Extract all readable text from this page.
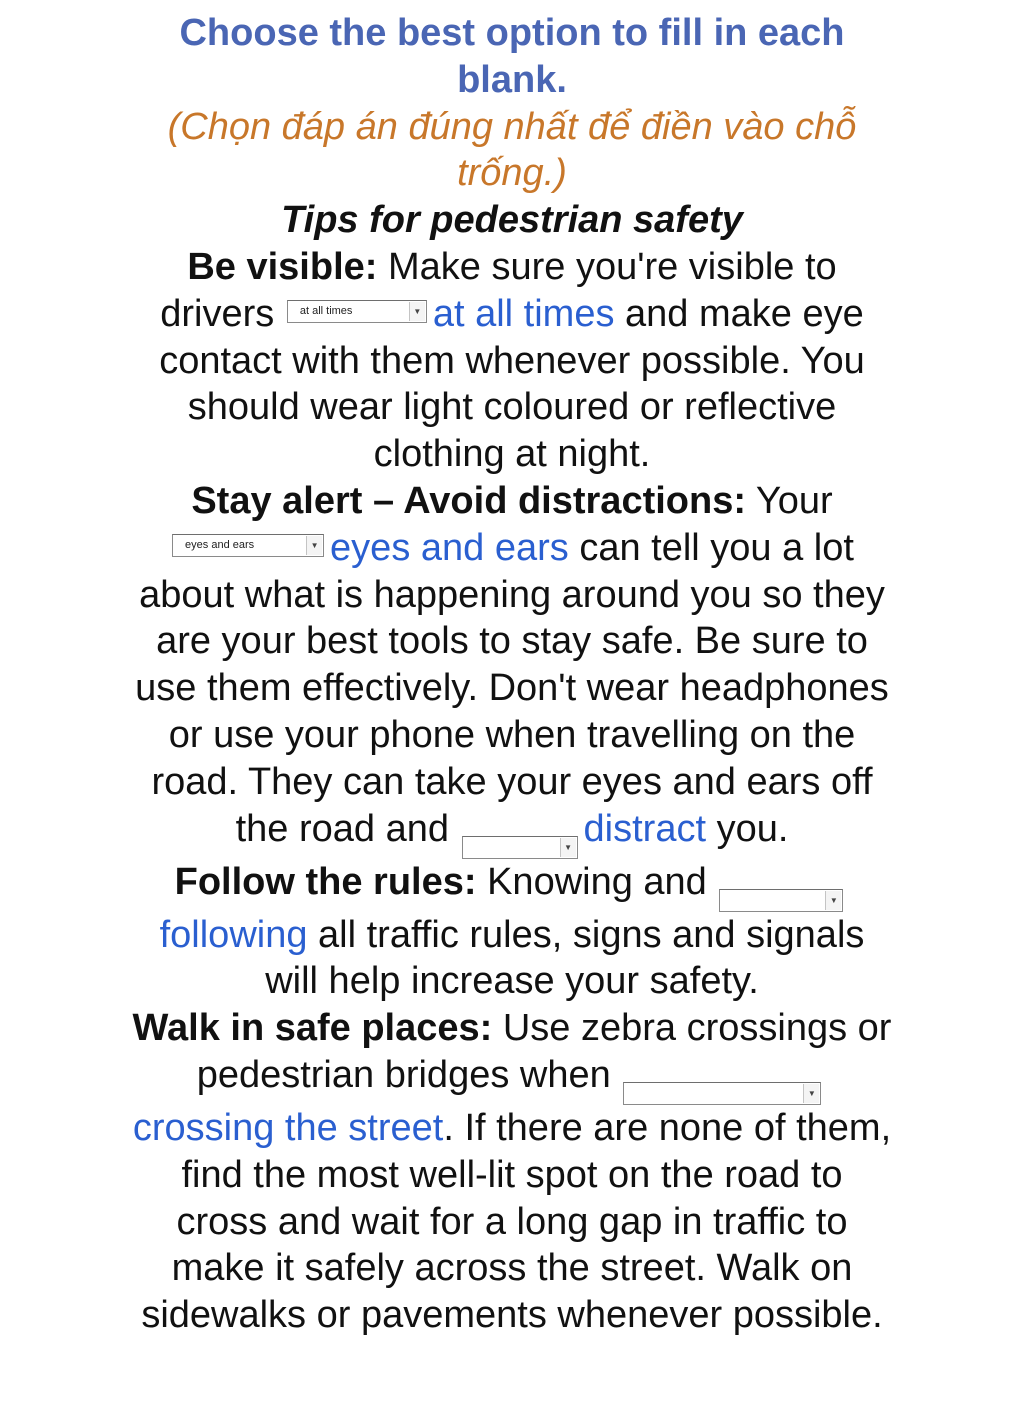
Choose the best option to fill in each blank.
(Chọn đáp án đúng nhất để điền vào chỗ trống.)
Tips for pedestrian safety
Be visible: Make sure you're visible to drivers	at all times	▼ at all times and make eye contact with them whenever possible. You should wear light coloured or reflective clothing at night.
Stay alert – Avoid distractions: Your
eyes and ears	▼ eyes and ears can tell you a lot about what is happening around you so they are your best tools to stay safe. Be sure to use them effectively. Don't wear headphones or use your phone when travelling on the road. They can take your eyes and ears off the road and	▼ distract you.
Follow the rules: Knowing and	▼
following all traffic rules, signs and signals will help increase your safety.
Walk in safe places: Use zebra crossings or pedestrian bridges when	▼
crossing the street. If there are none of them, find the most well-lit spot on the road to cross and wait for a long gap in traffic to make it safely across the street. Walk on sidewalks or pavements whenever possible.
